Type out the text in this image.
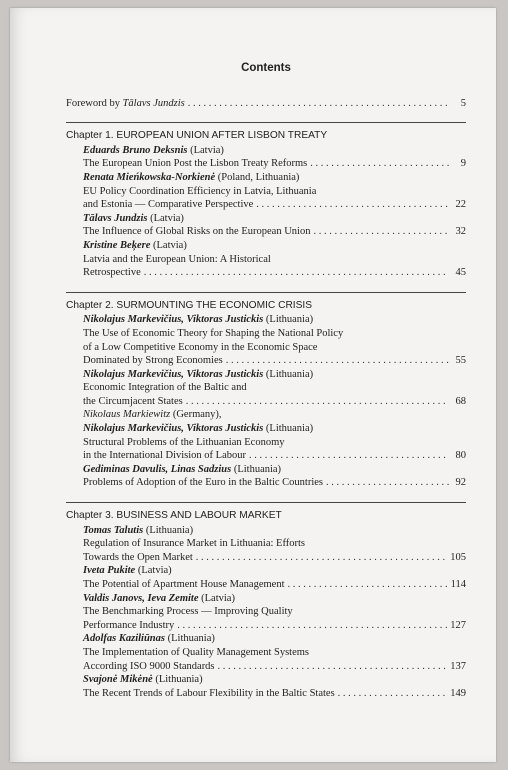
Contents
Foreword by Tālavs Jundzis . . .	5
Chapter 1. EUROPEAN UNION AFTER LISBON TREATY
Eduards Bruno Deksnis (Latvia)
The European Union Post the Lisbon Treaty Reforms . . .	9
Renata Mieńkowska-Norkienė (Poland, Lithuania)
EU Policy Coordination Efficiency in Latvia, Lithuania
and Estonia — Comparative Perspective . . .	22
Tālavs Jundzis (Latvia)
The Influence of Global Risks on the European Union . . .	32
Kristine Beķere (Latvia)
Latvia and the European Union: A Historical
Retrospective . . .	45
Chapter 2. SURMOUNTING THE ECONOMIC CRISIS
Nikolajus Markevičius, Viktoras Justickis (Lithuania)
The Use of Economic Theory for Shaping the National Policy
of a Low Competitive Economy in the Economic Space
Dominated by Strong Economies . . .	55
Nikolajus Markevičius, Viktoras Justickis (Lithuania)
Economic Integration of the Baltic and
the Circumjacent States . . .	68
Nikolaus Markiewitz (Germany),
Nikolajus Markevičius, Viktoras Justickis (Lithuania)
Structural Problems of the Lithuanian Economy
in the International Division of Labour . . .	80
Gediminas Davulis, Linas Sadzius (Lithuania)
Problems of Adoption of the Euro in the Baltic Countries . . .	92
Chapter 3. BUSINESS AND LABOUR MARKET
Tomas Talutis (Lithuania)
Regulation of Insurance Market in Lithuania: Efforts
Towards the Open Market . . .	105
Iveta Pukite (Latvia)
The Potential of Apartment House Management . . .	114
Valdis Janovs, Ieva Zemite (Latvia)
The Benchmarking Process — Improving Quality
Performance Industry . . .	127
Adolfas Kaziliūnas (Lithuania)
The Implementation of Quality Management Systems
According ISO 9000 Standards . . .	137
Svajonė Mikėnė (Lithuania)
The Recent Trends of Labour Flexibility in the Baltic States . . .	149
